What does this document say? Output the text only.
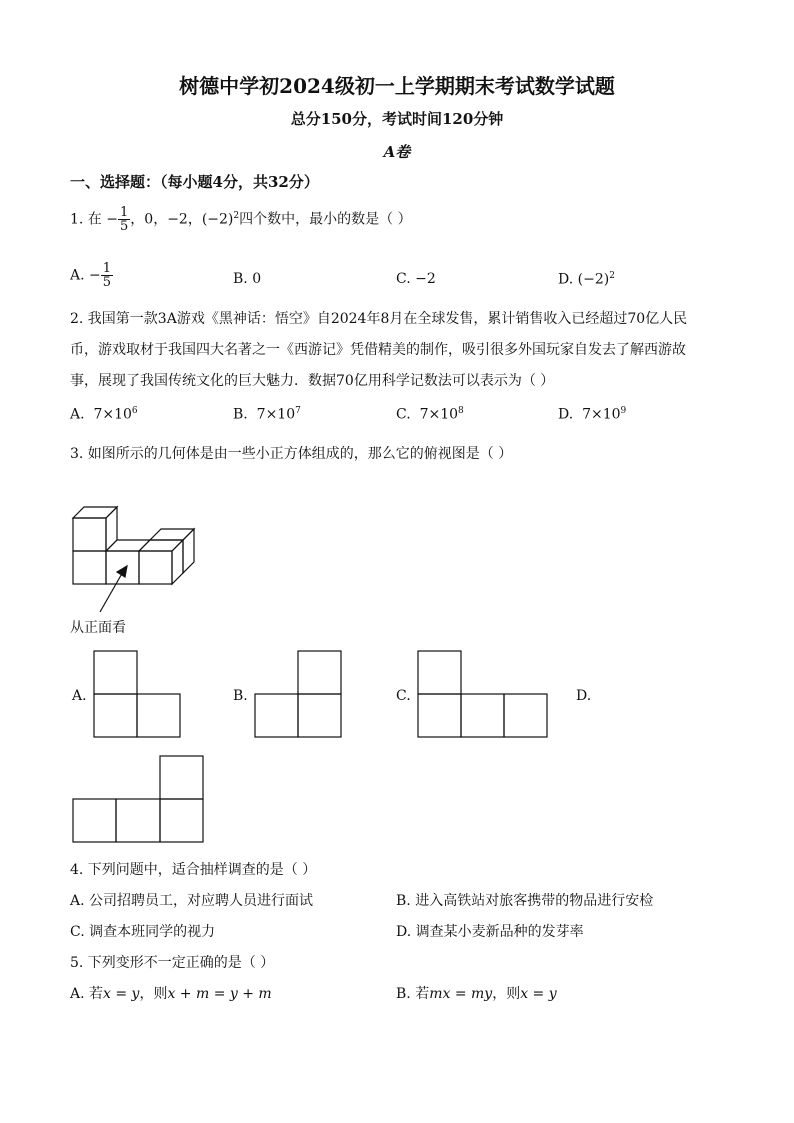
树德中学初2024级初一上学期期末考试数学试题
总分150分，考试时间120分钟
A卷
一、选择题：（每小题4分，共32分）
1. 在 − $\frac{1}{5}$ ，0，−2，$(-2)^2$四个数中，最小的数是（ ）
A. − $\frac{1}{5}$	B. 0	C. −2	D. $(-2)^2$
2. 我国第一款3A游戏《黑神话：悟空》自2024年8月在全球发售，累计销售收入已经超过70亿人民
币，游戏取材于我国四大名著之一《西游记》凭借精美的制作，吸引很多外国玩家自发去了解西游故
事，展现了我国传统文化的巨大魅力．数据70亿用科学记数法可以表示为（ ）
A. $7\times 10^6$	B. $7\times 10^7$	C. $7\times 10^8$	D. $7\times 10^9$
3. 如图所示的几何体是由一些小正方体组成的，那么它的俯视图是（ ）
从正面看
A.	B.	C.	D.
4. 下列问题中，适合抽样调查的是（ ）
A. 公司招聘员工，对应聘人员进行面试	B. 进入高铁站对旅客携带的物品进行安检
C. 调查本班同学的视力	D. 调查某小麦新品种的发芽率
5. 下列变形不一定正确的是（ ）
A. 若x = y，则x + m = y + m	B. 若mx = my，则x = y
